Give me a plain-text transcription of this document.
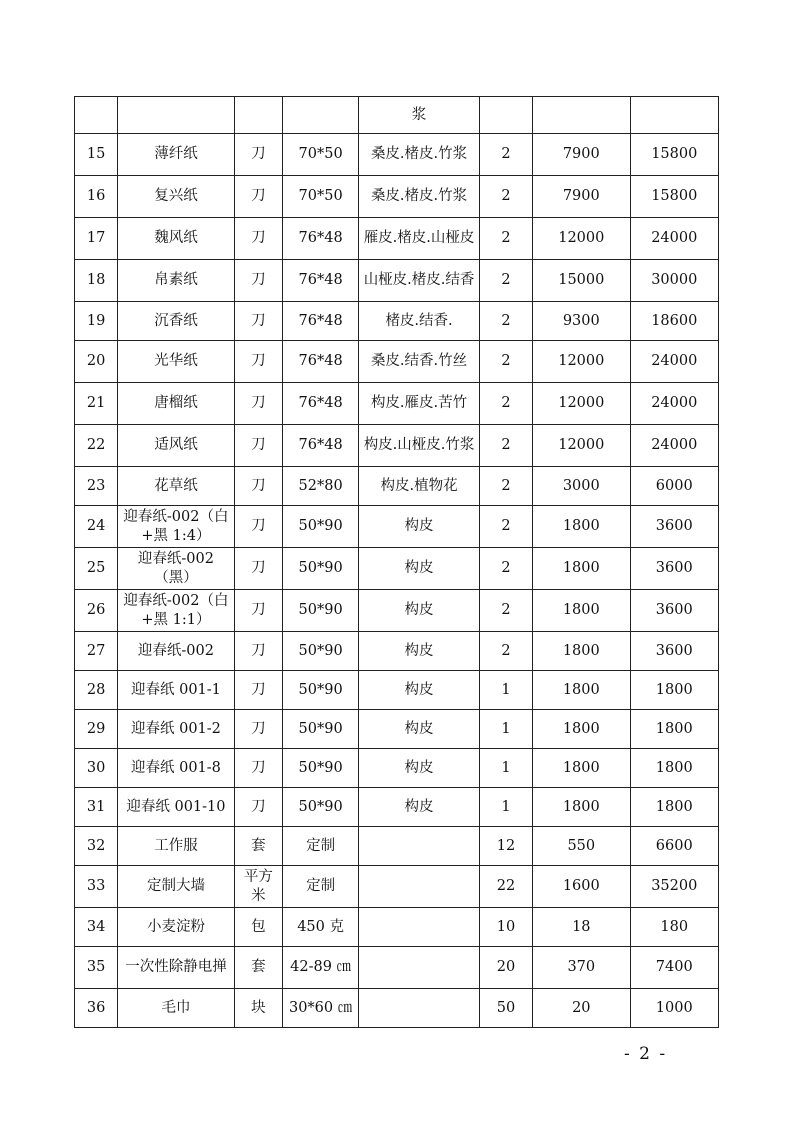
				浆			
15	薄纤纸	刀	70*50	桑皮.楮皮.竹浆	2	7900	15800
16	复兴纸	刀	70*50	桑皮.楮皮.竹浆	2	7900	15800
17	魏风纸	刀	76*48	雁皮.楮皮.山桠皮	2	12000	24000
18	帛素纸	刀	76*48	山桠皮.楮皮.结香	2	15000	30000
19	沉香纸	刀	76*48	楮皮.结香.	2	9300	18600
20	光华纸	刀	76*48	桑皮.结香.竹丝	2	12000	24000
21	唐榴纸	刀	76*48	构皮.雁皮.苦竹	2	12000	24000
22	适风纸	刀	76*48	构皮.山桠皮.竹浆	2	12000	24000
23	花草纸	刀	52*80	构皮.植物花	2	3000	6000
24	迎春纸-002（白+黑 1:4）	刀	50*90	构皮	2	1800	3600
25	迎春纸-002（黑）	刀	50*90	构皮	2	1800	3600
26	迎春纸-002（白+黑 1:1）	刀	50*90	构皮	2	1800	3600
27	迎春纸-002	刀	50*90	构皮	2	1800	3600
28	迎春纸 001-1	刀	50*90	构皮	1	1800	1800
29	迎春纸 001-2	刀	50*90	构皮	1	1800	1800
30	迎春纸 001-8	刀	50*90	构皮	1	1800	1800
31	迎春纸 001-10	刀	50*90	构皮	1	1800	1800
32	工作服	套	定制		12	550	6600
33	定制大墙	平方米	定制		22	1600	35200
34	小麦淀粉	包	450 克		10	18	180
35	一次性除静电掸	套	42-89 ㎝		20	370	7400
36	毛巾	块	30*60 ㎝		50	20	1000
- 2 -
